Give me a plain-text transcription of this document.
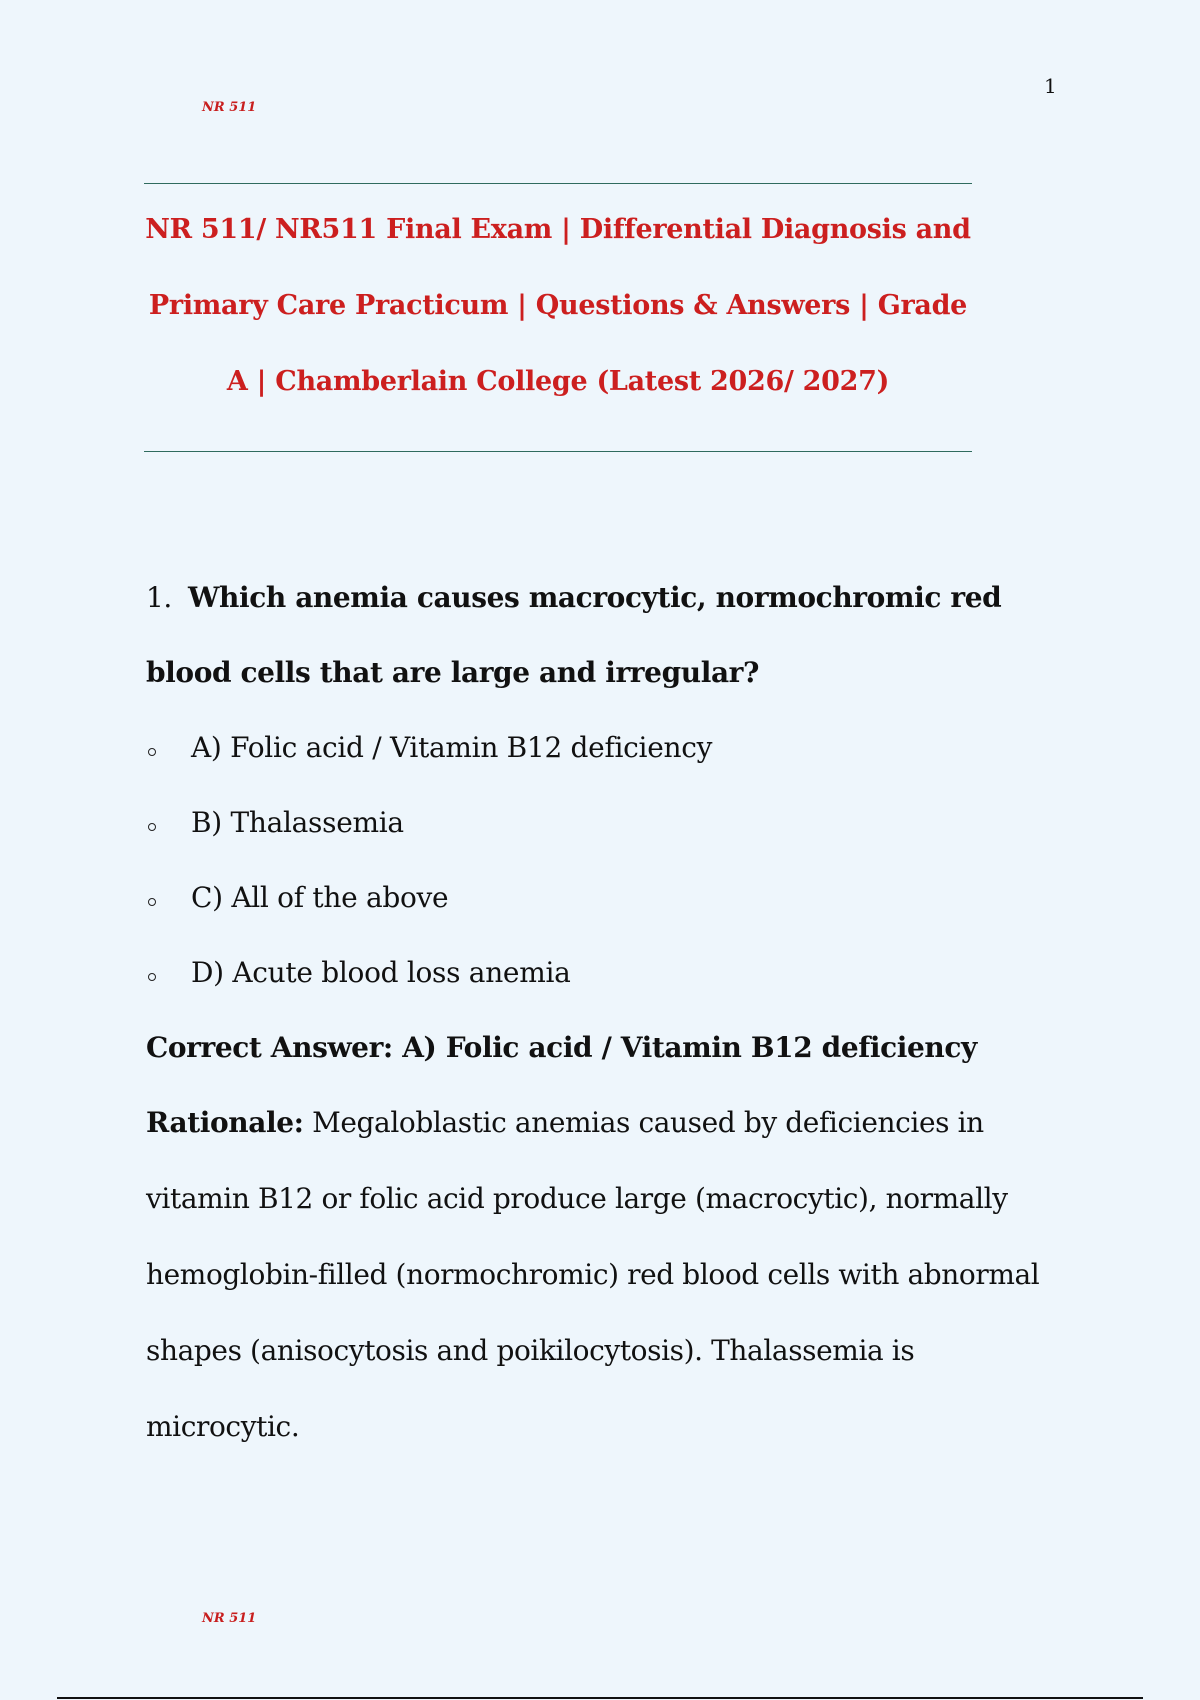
1
NR 511
NR 511/ NR511 Final Exam | Differential Diagnosis and
Primary Care Practicum | Questions & Answers | Grade
A | Chamberlain College (Latest 2026/ 2027)

1. Which anemia causes macrocytic, normochromic red
blood cells that are large and irregular?

A) Folic acid / Vitamin B12 deficiency
B) Thalassemia
C) All of the above
D) Acute blood loss anemia

Correct Answer: A) Folic acid / Vitamin B12 deficiency

Rationale: Megaloblastic anemias caused by deficiencies in
vitamin B12 or folic acid produce large (macrocytic), normally
hemoglobin-filled (normochromic) red blood cells with abnormal
shapes (anisocytosis and poikilocytosis). Thalassemia is
microcytic.

NR 511
